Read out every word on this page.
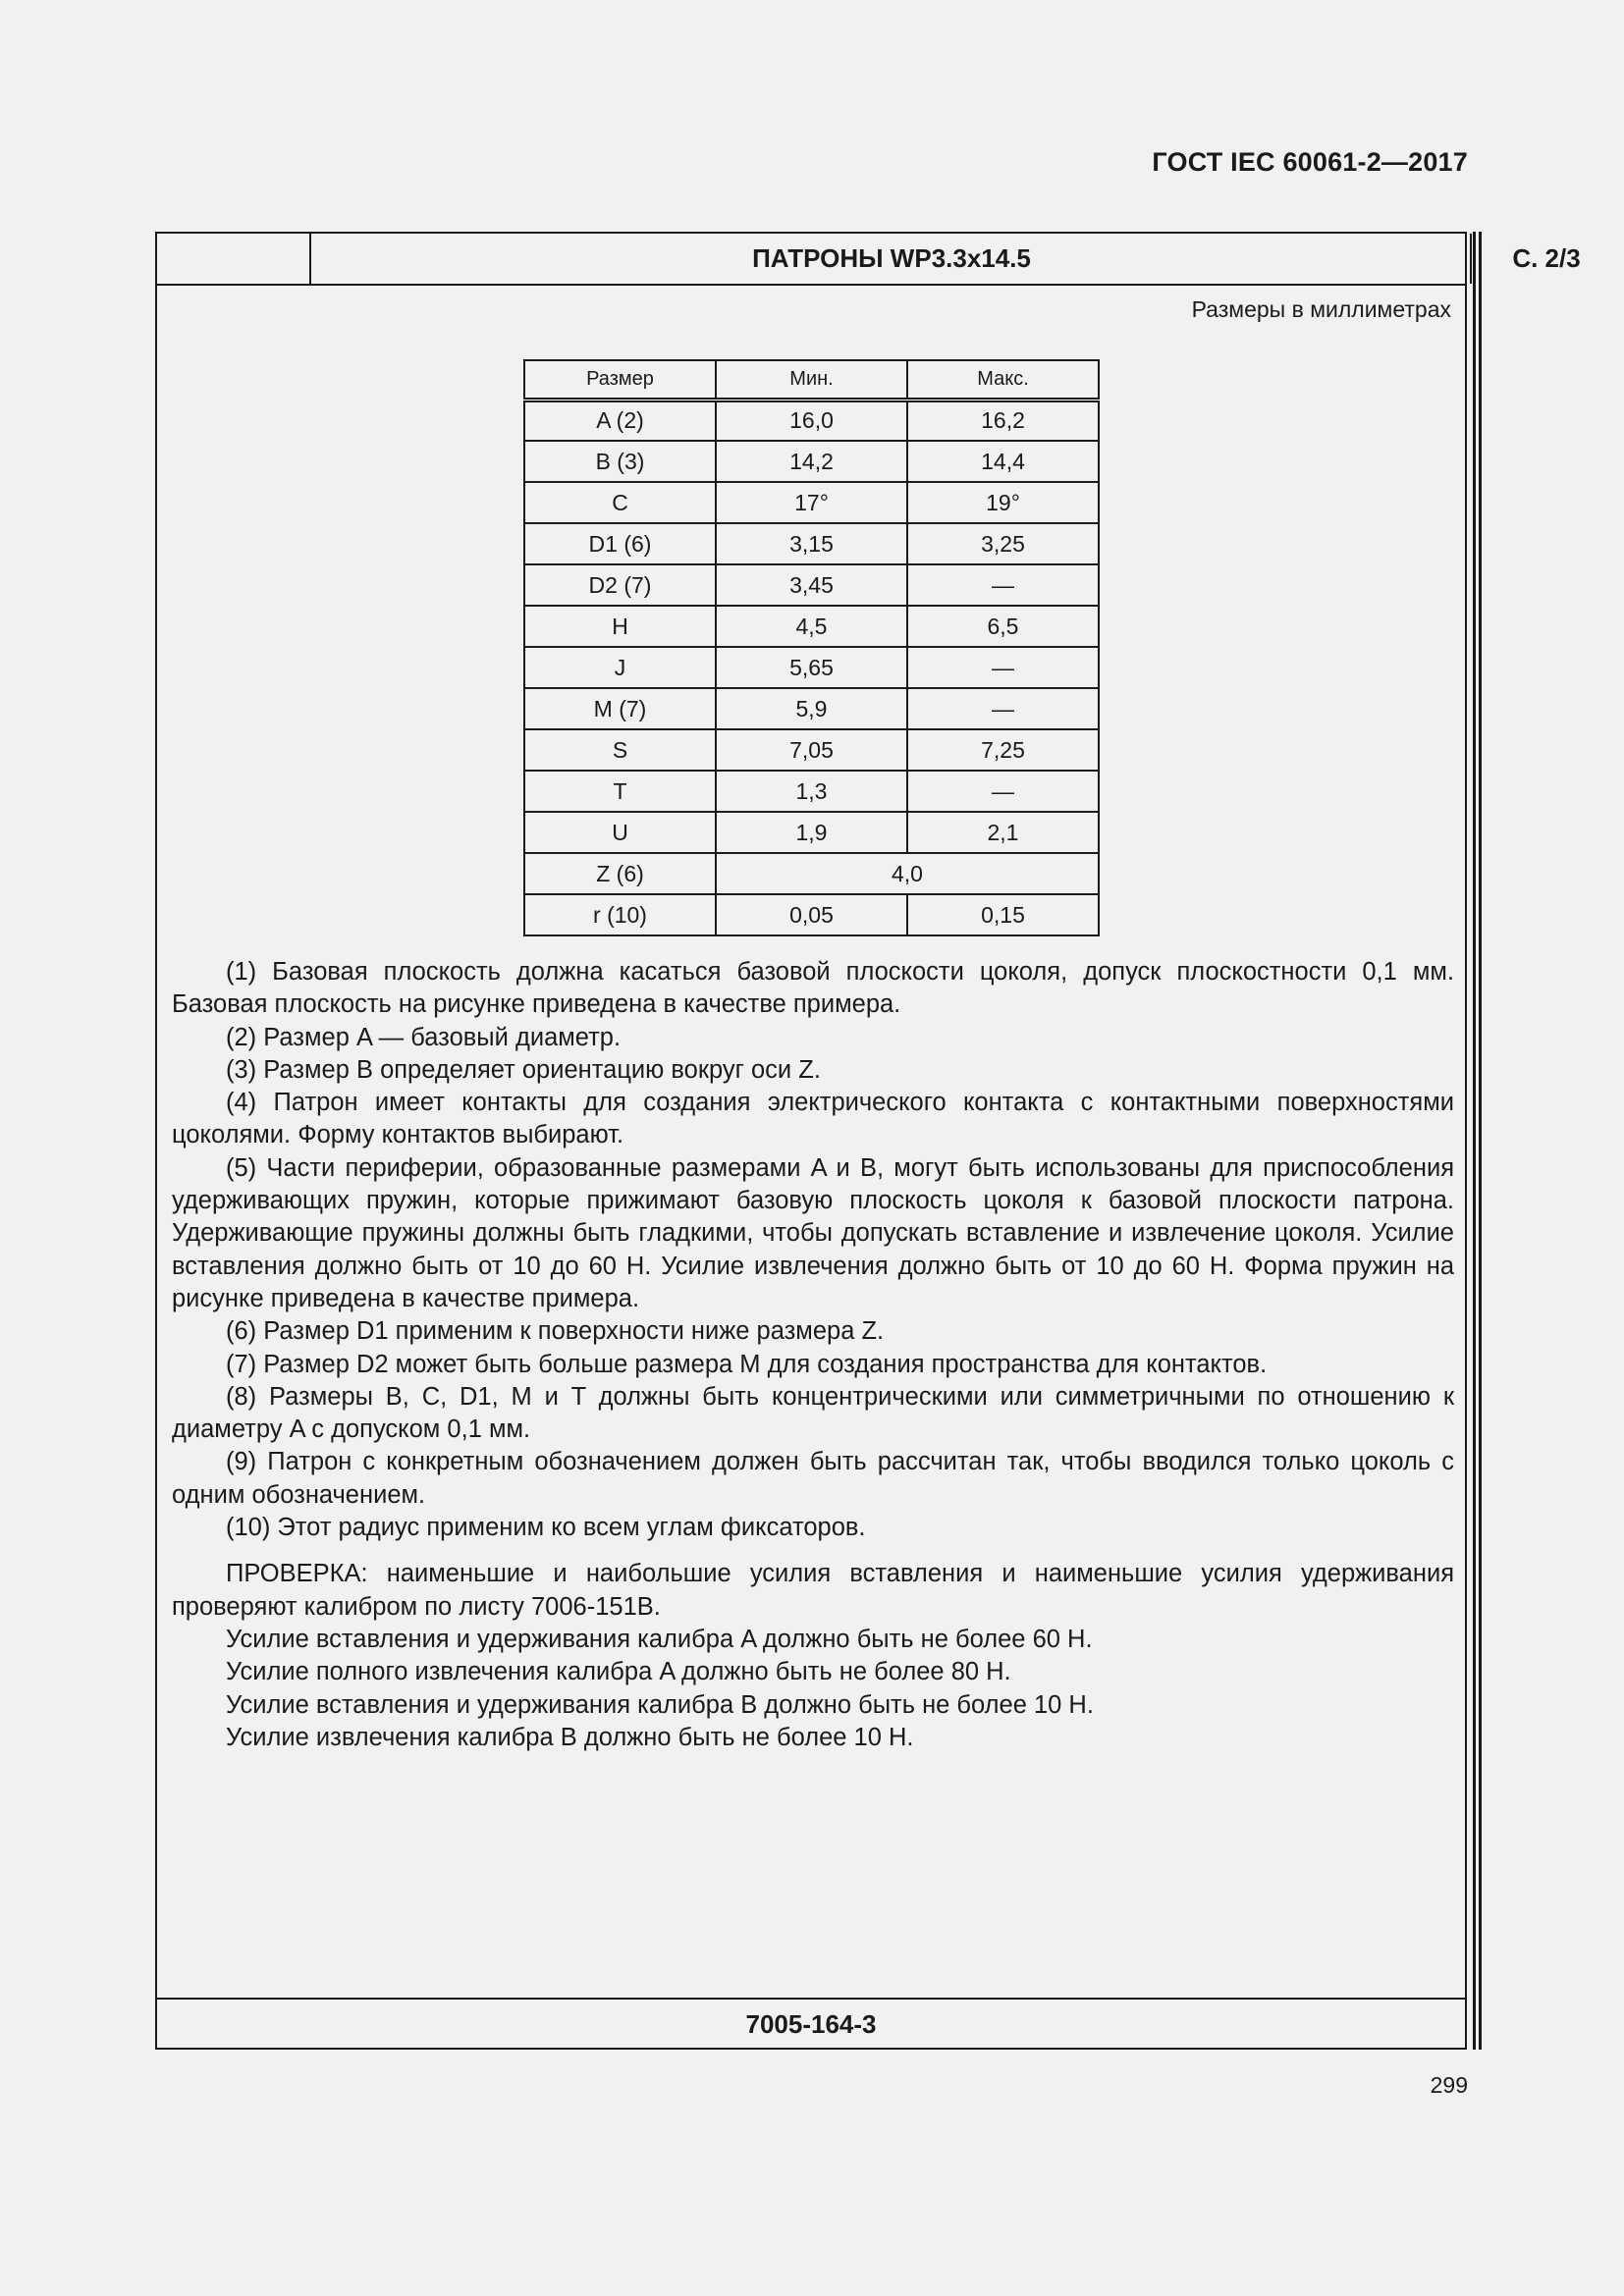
ГОСТ IEC 60061-2—2017
ПАТРОНЫ WP3.3x14.5	С. 2/3
Размеры в миллиметрах
Размер	Мин.	Макс.
A (2)	16,0	16,2
B (3)	14,2	14,4
C	17°	19°
D1 (6)	3,15	3,25
D2 (7)	3,45	—
H	4,5	6,5
J	5,65	—
M (7)	5,9	—
S	7,05	7,25
T	1,3	—
U	1,9	2,1
Z (6)	4,0	
r (10)	0,05	0,15

(1) Базовая плоскость должна касаться базовой плоскости цоколя, допуск плоскостности 0,1 мм. Базовая плоскость на рисунке приведена в качестве примера.

(2) Размер A — базовый диаметр.

(3) Размер B определяет ориентацию вокруг оси Z.

(4) Патрон имеет контакты для создания электрического контакта с контактными поверхностями цоколями. Форму контактов выбирают.

(5) Части периферии, образованные размерами A и B, могут быть использованы для приспособления удерживающих пружин, которые прижимают базовую плоскость цоколя к базовой плоскости патрона. Удерживающие пружины должны быть гладкими, чтобы допускать вставление и извлечение цоколя. Усилие вставления должно быть от 10 до 60 Н. Усилие извлечения должно быть от 10 до 60 Н. Форма пружин на рисунке приведена в качестве примера.

(6) Размер D1 применим к поверхности ниже размера Z.

(7) Размер D2 может быть больше размера M для создания пространства для контактов.

(8) Размеры B, C, D1, M и T должны быть концентрическими или симметричными по отношению к диаметру A с допуском 0,1 мм.

(9) Патрон с конкретным обозначением должен быть рассчитан так, чтобы вводился только цоколь с одним обозначением.

(10) Этот радиус применим ко всем углам фиксаторов.

ПРОВЕРКА: наименьшие и наибольшие усилия вставления и наименьшие усилия удерживания проверяют калибром по листу 7006-151B.

Усилие вставления и удерживания калибра A должно быть не более 60 Н.

Усилие полного извлечения калибра A должно быть не более 80 Н.

Усилие вставления и удерживания калибра B должно быть не более 10 Н.

Усилие извлечения калибра B должно быть не более 10 Н.

7005-164-3
299
